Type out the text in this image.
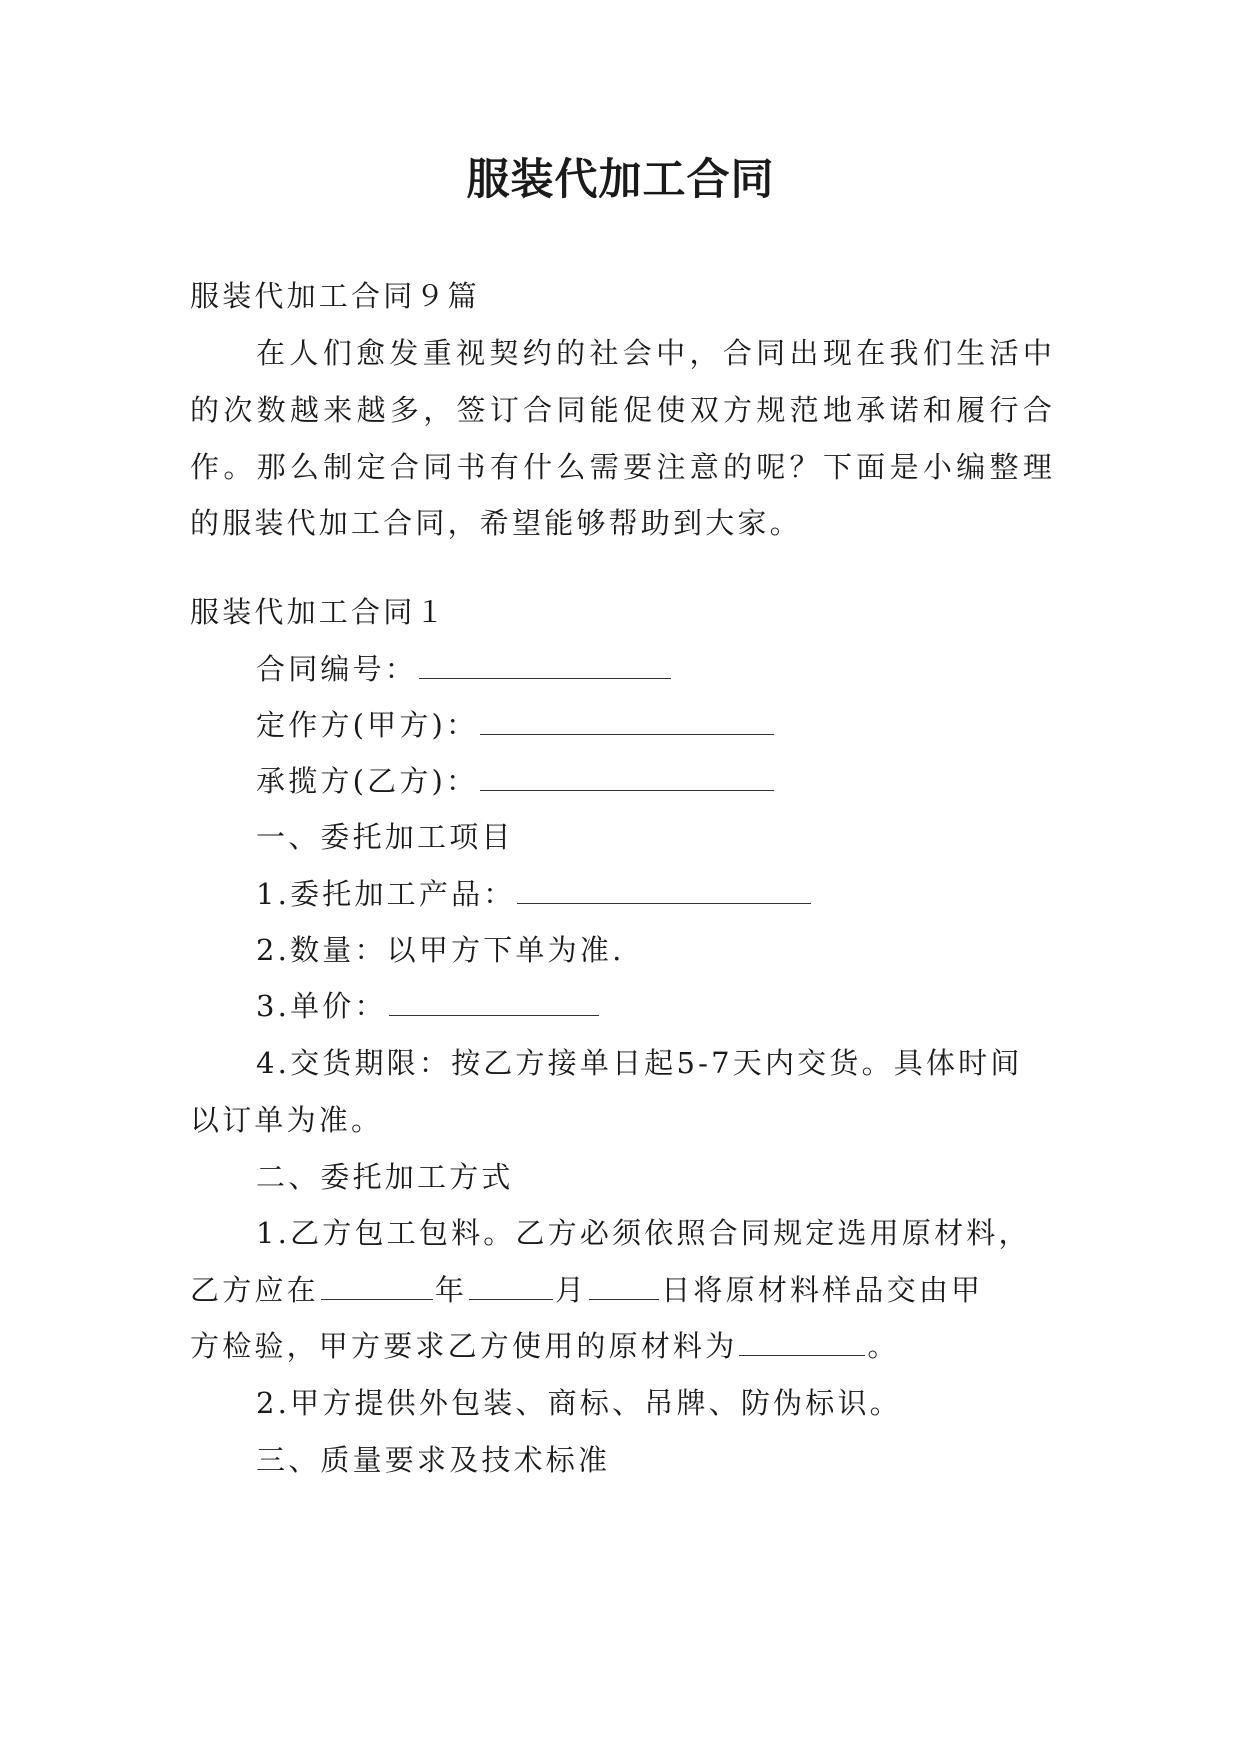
服装代加工合同
服装代加工合同９篇
在 人 们 愈 发 重 视 契 约 的 社 会 中 ， 合 同 出 现 在 我 们 生 活 中
的 次 数 越 来 越 多 ， 签 订 合 同 能 促 使 双 方 规 范 地 承 诺 和 履 行 合
作 。 那 么 制 定 合 同 书 有 什 么 需 要 注 意 的 呢 ？ 下 面 是 小 编 整 理
的服装代加工合同，希望能够帮助到大家。
服装代加工合同１
合同编号：
定作方(甲方)：
承揽方(乙方)：
一、委托加工项目
1.委托加工产品：
2.数量：以甲方下单为准.
3.单价：
4.交货期限：按乙方接单日起5-7天内交货。具体时间
以订单为准。
二、委托加工方式
1.乙方包工包料。乙方必须依照合同规定选用原材料，
乙方应在	年	月	日将原材料样品交由甲
方检验，甲方要求乙方使用的原材料为	。
2.甲方提供外包装、商标、吊牌、防伪标识。
三、质量要求及技术标准
